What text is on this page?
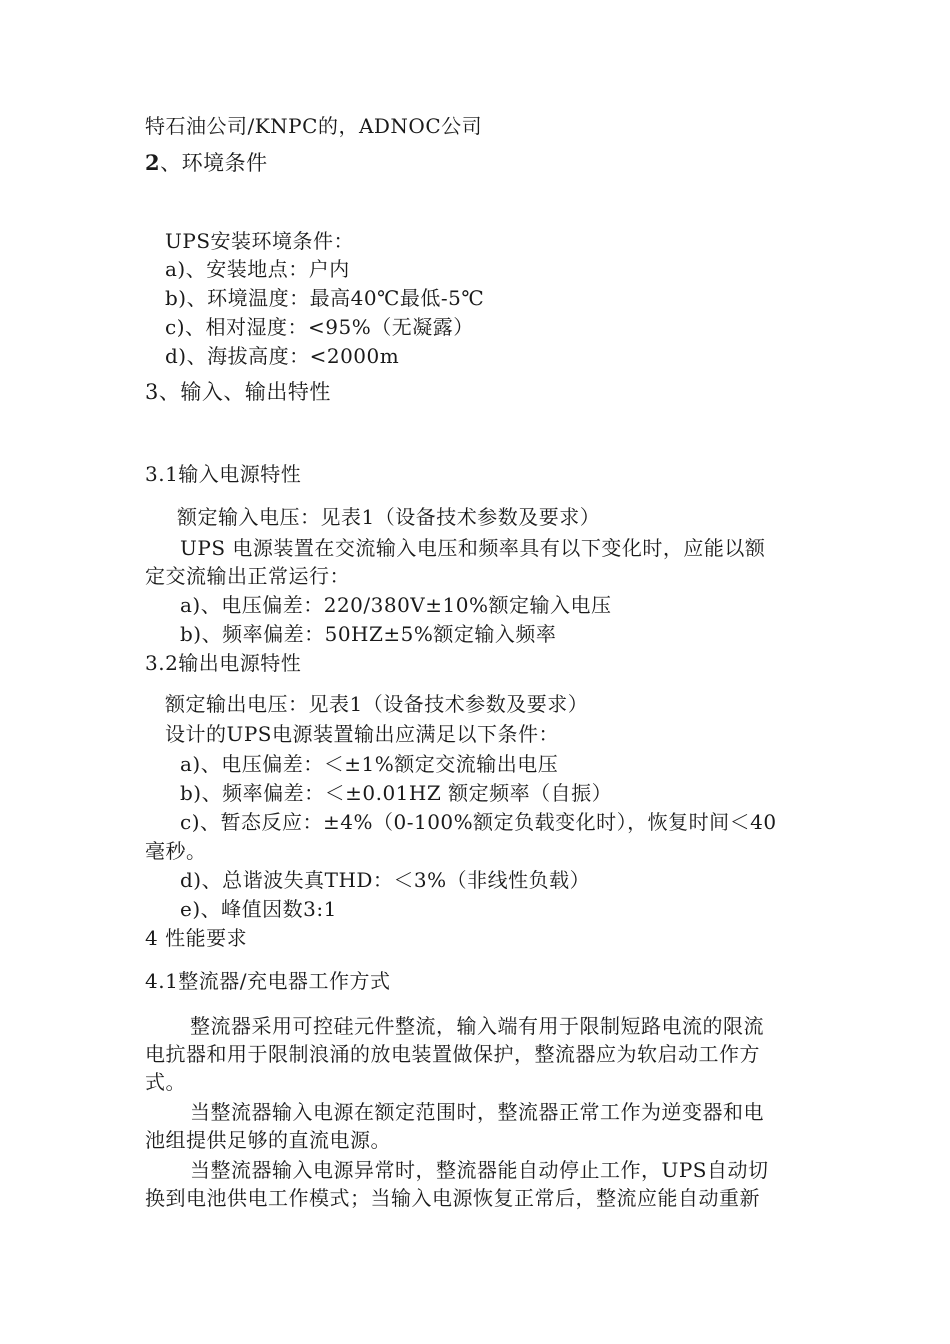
特石油公司/KNPC的，ADNOC公司
2、环境条件
UPS安装环境条件：
a)、安装地点：户内
b)、环境温度：最高40℃最低-5℃
c)、相对湿度：<95%（无凝露）
d)、海拔高度：<2000m
3、输入、输出特性
3.1输入电源特性
额定输入电压：见表1（设备技术参数及要求）
UPS 电源装置在交流输入电压和频率具有以下变化时，应能以额
定交流输出正常运行：
a)、电压偏差：220/380V±10%额定输入电压
b)、频率偏差：50HZ±5%额定输入频率
3.2输出电源特性
额定输出电压：见表1（设备技术参数及要求）
设计的UPS电源装置输出应满足以下条件：
a)、电压偏差：＜±1%额定交流输出电压
b)、频率偏差：＜±0.01HZ 额定频率（自振）
c)、暂态反应：±4%（0-100%额定负载变化时），恢复时间＜40
毫秒。
d)、总谐波失真THD：＜3%（非线性负载）
e)、峰值因数3:1
4 性能要求
4.1整流器/充电器工作方式
整流器采用可控硅元件整流，输入端有用于限制短路电流的限流
电抗器和用于限制浪涌的放电装置做保护，整流器应为软启动工作方
式。
当整流器输入电源在额定范围时，整流器正常工作为逆变器和电
池组提供足够的直流电源。
当整流器输入电源异常时，整流器能自动停止工作，UPS自动切
换到电池供电工作模式；当输入电源恢复正常后，整流应能自动重新
